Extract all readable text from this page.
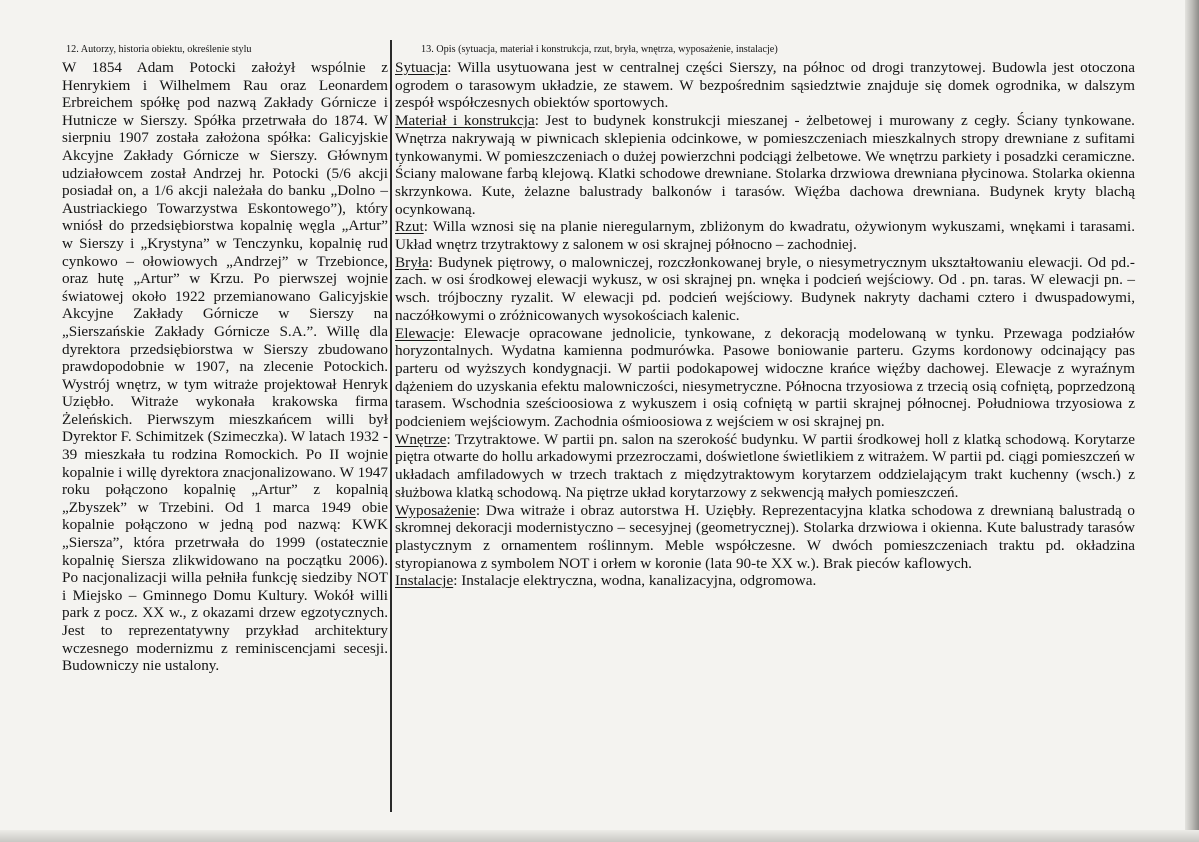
12. Autorzy, historia obiektu, określenie stylu

W 1854 Adam Potocki założył wspólnie z Henrykiem i Wilhelmem Rau oraz Leonardem Erbreichem spółkę pod nazwą Zakłady Górnicze i Hutnicze w Sierszy. Spółka przetrwała do 1874. W sierpniu 1907 została założona spółka: Galicyjskie Akcyjne Zakłady Górnicze w Sierszy. Głównym udziałowcem został Andrzej hr. Potocki (5/6 akcji posiadał on, a 1/6 akcji należała do banku „Dolno – Austriackiego Towarzystwa Eskontowego”), który wniósł do przedsiębiorstwa kopalnię węgla „Artur” w Sierszy i „Krystyna” w Tenczynku, kopalnię rud cynkowo – ołowiowych „Andrzej” w Trzebionce, oraz hutę „Artur” w Krzu. Po pierwszej wojnie światowej około 1922 przemianowano Galicyjskie Akcyjne Zakłady Górnicze w Sierszy na „Sierszańskie Zakłady Górnicze S.A.”. Willę dla dyrektora przedsiębiorstwa w Sierszy zbudowano prawdopodobnie w 1907, na zlecenie Potockich. Wystrój wnętrz, w tym witraże projektował Henryk Uziębło. Witraże wykonała krakowska firma Żeleńskich. Pierwszym mieszkańcem willi był Dyrektor F. Schimitzek (Szimeczka). W latach 1932 - 39 mieszkała tu rodzina Romockich. Po II wojnie kopalnie i willę dyrektora znacjonalizowano. W 1947 roku połączono kopalnię „Artur” z kopalnią „Zbyszek” w Trzebini. Od 1 marca 1949 obie kopalnie połączono w jedną pod nazwą: KWK „Siersza”, która przetrwała do 1999 (ostatecznie kopalnię Siersza zlikwidowano na początku 2006). Po nacjonalizacji willa pełniła funkcję siedziby NOT i Miejsko – Gminnego Domu Kultury. Wokół willi park z pocz. XX w., z okazami drzew egzotycznych. Jest to reprezentatywny przykład architektury wczesnego modernizmu z reminiscencjami secesji. Budowniczy nie ustalony.

13. Opis (sytuacja, materiał i konstrukcja, rzut, bryła, wnętrza, wyposażenie, instalacje)

Sytuacja: Willa usytuowana jest w centralnej części Sierszy, na północ od drogi tranzytowej. Budowla jest otoczona ogrodem o tarasowym układzie, ze stawem. W bezpośrednim sąsiedztwie znajduje się domek ogrodnika, w dalszym zespół współczesnych obiektów sportowych.

Materiał i konstrukcja: Jest to budynek konstrukcji mieszanej - żelbetowej i murowany z cegły. Ściany tynkowane. Wnętrza nakrywają w piwnicach sklepienia odcinkowe, w pomieszczeniach mieszkalnych stropy drewniane z sufitami tynkowanymi. W pomieszczeniach o dużej powierzchni podciągi żelbetowe. We wnętrzu parkiety i posadzki ceramiczne. Ściany malowane farbą klejową. Klatki schodowe drewniane. Stolarka drzwiowa drewniana płycinowa. Stolarka okienna skrzynkowa. Kute, żelazne balustrady balkonów i tarasów. Więźba dachowa drewniana. Budynek kryty blachą ocynkowaną.

Rzut: Willa wznosi się na planie nieregularnym, zbliżonym do kwadratu, ożywionym wykuszami, wnękami i tarasami. Układ wnętrz trzytraktowy z salonem w osi skrajnej północno – zachodniej.

Bryła: Budynek piętrowy, o malowniczej, rozczłonkowanej bryle, o niesymetrycznym ukształtowaniu elewacji. Od pd.-zach. w osi środkowej elewacji wykusz, w osi skrajnej pn. wnęka i podcień wejściowy. Od . pn. taras. W elewacji pn. – wsch. trójboczny ryzalit. W elewacji pd. podcień wejściowy. Budynek nakryty dachami cztero i dwuspadowymi, naczółkowymi o zróżnicowanych wysokościach kalenic.

Elewacje: Elewacje opracowane jednolicie, tynkowane, z dekoracją modelowaną w tynku. Przewaga podziałów horyzontalnych. Wydatna kamienna podmurówka. Pasowe boniowanie parteru. Gzyms kordonowy odcinający pas parteru od wyższych kondygnacji. W partii podokapowej widoczne krańce więźby dachowej. Elewacje z wyraźnym dążeniem do uzyskania efektu malowniczości, niesymetryczne. Północna trzyosiowa z trzecią osią cofniętą, poprzedzoną tarasem. Wschodnia sześcioosiowa z wykuszem i osią cofniętą w partii skrajnej północnej. Południowa trzyosiowa z podcieniem wejściowym. Zachodnia ośmioosiowa z wejściem w osi skrajnej pn.

Wnętrze: Trzytraktowe. W partii pn. salon na szerokość budynku. W partii środkowej holl z klatką schodową. Korytarze piętra otwarte do hollu arkadowymi przezroczami, doświetlone świetlikiem z witrażem. W partii pd. ciągi pomieszczeń w układach amfiladowych w trzech traktach z międzytraktowym korytarzem oddzielającym trakt kuchenny (wsch.) z służbowa klatką schodową. Na piętrze układ korytarzowy z sekwencją małych pomieszczeń.

Wyposażenie: Dwa witraże i obraz autorstwa H. Uziębły. Reprezentacyjna klatka schodowa z drewnianą balustradą o skromnej dekoracji modernistyczno – secesyjnej (geometrycznej). Stolarka drzwiowa i okienna. Kute balustrady tarasów plastycznym z ornamentem roślinnym. Meble współczesne. W dwóch pomieszczeniach traktu pd. okładzina styropianowa z symbolem NOT i orłem w koronie (lata 90-te XX w.). Brak pieców kaflowych.

Instalacje: Instalacje elektryczna, wodna, kanalizacyjna, odgromowa.
